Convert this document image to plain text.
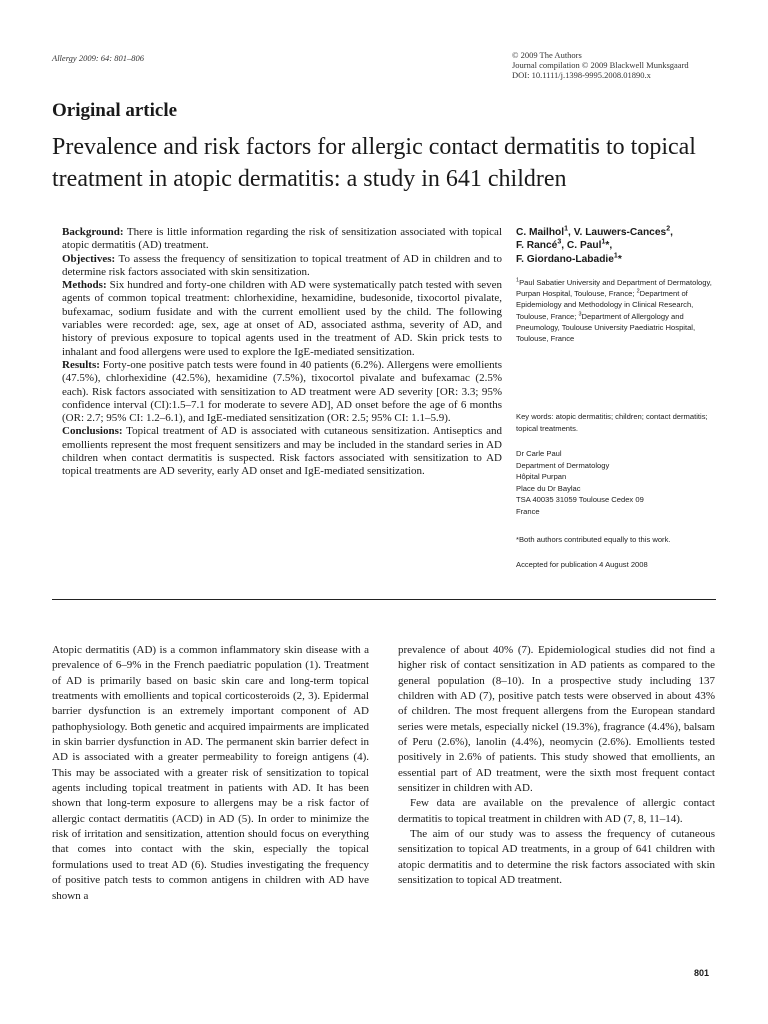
Allergy 2009: 64: 801–806	© 2009 The Authors
Journal compilation © 2009 Blackwell Munksgaard
DOI: 10.1111/j.1398-9995.2008.01890.x
Original article
Prevalence and risk factors for allergic contact dermatitis to topical treatment in atopic dermatitis: a study in 641 children

Background: There is little information regarding the risk of sensitization associated with topical atopic dermatitis (AD) treatment.

Objectives: To assess the frequency of sensitization to topical treatment of AD in children and to determine risk factors associated with skin sensitization.

Methods: Six hundred and forty-one children with AD were systematically patch tested with seven agents of common topical treatment: chlorhexidine, hexamidine, budesonide, tixocortol pivalate, bufexamac, sodium fusidate and with the current emollient used by the child. The following variables were recorded: age, sex, age at onset of AD, associated asthma, severity of AD, and history of previous exposure to topical agents used in the treatment of AD. Skin prick tests to inhalant and food allergens were used to explore the IgE-mediated sensitization.

Results: Forty-one positive patch tests were found in 40 patients (6.2%). Allergens were emollients (47.5%), chlorhexidine (42.5%), hexamidine (7.5%), tixocortol pivalate and bufexamac (2.5% each). Risk factors associated with sensitization to AD treatment were AD severity [OR: 3.3; 95% confidence interval (CI):1.5–7.1 for moderate to severe AD], AD onset before the age of 6 months (OR: 2.7; 95% CI: 1.2–6.1), and IgE-mediated sensitization (OR: 2.5; 95% CI: 1.1–5.9).

Conclusions: Topical treatment of AD is associated with cutaneous sensitization. Antiseptics and emollients represent the most frequent sensitizers and may be included in the standard series in AD children when contact dermatitis is suspected. Risk factors associated with sensitization to AD topical treatments are AD severity, early AD onset and IgE-mediated sensitization.

C. Mailhol$^1$, V. Lauwers-Cances$^2$,
F. Rancé$^3$, C. Paul$^1$*,
F. Giordano-Labadie$^1$*

$^1$Paul Sabatier University and Department of Dermatology, Purpan Hospital, Toulouse, France; $^2$Department of Epidemiology and Methodology in Clinical Research, Toulouse, France; $^3$Department of Allergology and Pneumology, Toulouse University Paediatric Hospital, Toulouse, France

Key words: atopic dermatitis; children; contact dermatitis; topical treatments.
Dr Carle Paul
Department of Dermatology
Hôpital Purpan
Place du Dr Baylac
TSA 40035 31059 Toulouse Cedex 09
France
*Both authors contributed equally to this work.
Accepted for publication 4 August 2008

Atopic dermatitis (AD) is a common inflammatory skin disease with a prevalence of 6–9% in the French paediatric population (1). Treatment of AD is primarily based on basic skin care and long-term topical treatments with emollients and topical corticosteroids (2, 3). Epidermal barrier dysfunction is an extremely important component of AD pathophysiology. Both genetic and acquired impairments are implicated in skin barrier dysfunction in AD. The permanent skin barrier defect in AD is associated with a greater permeability to foreign antigens (4). This may be associated with a greater risk of sensitization to topical agents including topical treatment in patients with AD. It has been shown that long-term exposure to allergens may be a risk factor of allergic contact dermatitis (ACD) in AD (5). In order to minimize the risk of irritation and sensitization, attention should focus on everything that comes into contact with the skin, especially the topical formulations used to treat AD (6). Studies investigating the frequency of positive patch tests to common antigens in children with AD have shown a

prevalence of about 40% (7). Epidemiological studies did not find a higher risk of contact sensitization in AD patients as compared to the general population (8–10). In a prospective study including 137 children with AD (7), positive patch tests were observed in about 43% of children. The most frequent allergens from the European standard series were metals, especially nickel (19.3%), fragrance (4.4%), balsam of Peru (2.6%), lanolin (4.4%), neomycin (2.6%). Emollients tested positively in 2.6% of patients. This study showed that emollients, an essential part of AD treatment, were the sixth most frequent contact sensitizer in children with AD.

Few data are available on the prevalence of allergic contact dermatitis to topical treatment in children with AD (7, 8, 11–14).

The aim of our study was to assess the frequency of cutaneous sensitization to topical AD treatments, in a group of 641 children with atopic dermatitis and to determine the risk factors associated with skin sensitization to topical AD treatment.

801
